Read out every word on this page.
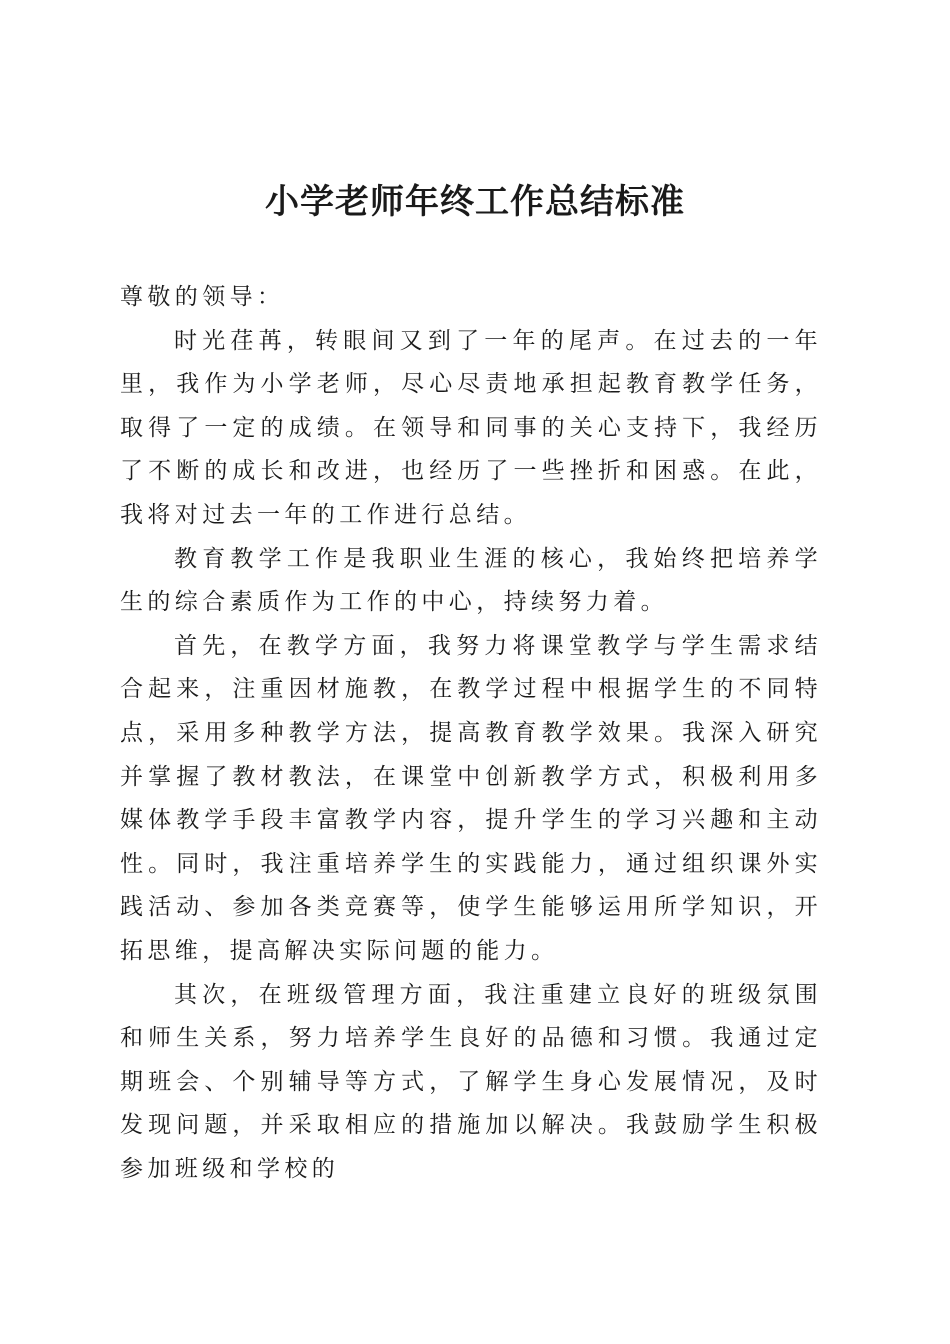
小学老师年终工作总结标准

尊敬的领导：

时光荏苒，转眼间又到了一年的尾声。在过去的一年里，我作为小学老师，尽心尽责地承担起教育教学任务，取得了一定的成绩。在领导和同事的关心支持下，我经历了不断的成长和改进，也经历了一些挫折和困惑。在此，我将对过去一年的工作进行总结。

教育教学工作是我职业生涯的核心，我始终把培养学生的综合素质作为工作的中心，持续努力着。

首先，在教学方面，我努力将课堂教学与学生需求结合起来，注重因材施教，在教学过程中根据学生的不同特点，采用多种教学方法，提高教育教学效果。我深入研究并掌握了教材教法，在课堂中创新教学方式，积极利用多媒体教学手段丰富教学内容，提升学生的学习兴趣和主动性。同时，我注重培养学生的实践能力，通过组织课外实践活动、参加各类竞赛等，使学生能够运用所学知识，开拓思维，提高解决实际问题的能力。

其次，在班级管理方面，我注重建立良好的班级氛围和师生关系，努力培养学生良好的品德和习惯。我通过定期班会、个别辅导等方式，了解学生身心发展情况，及时发现问题，并采取相应的措施加以解决。我鼓励学生积极参加班级和学校的
